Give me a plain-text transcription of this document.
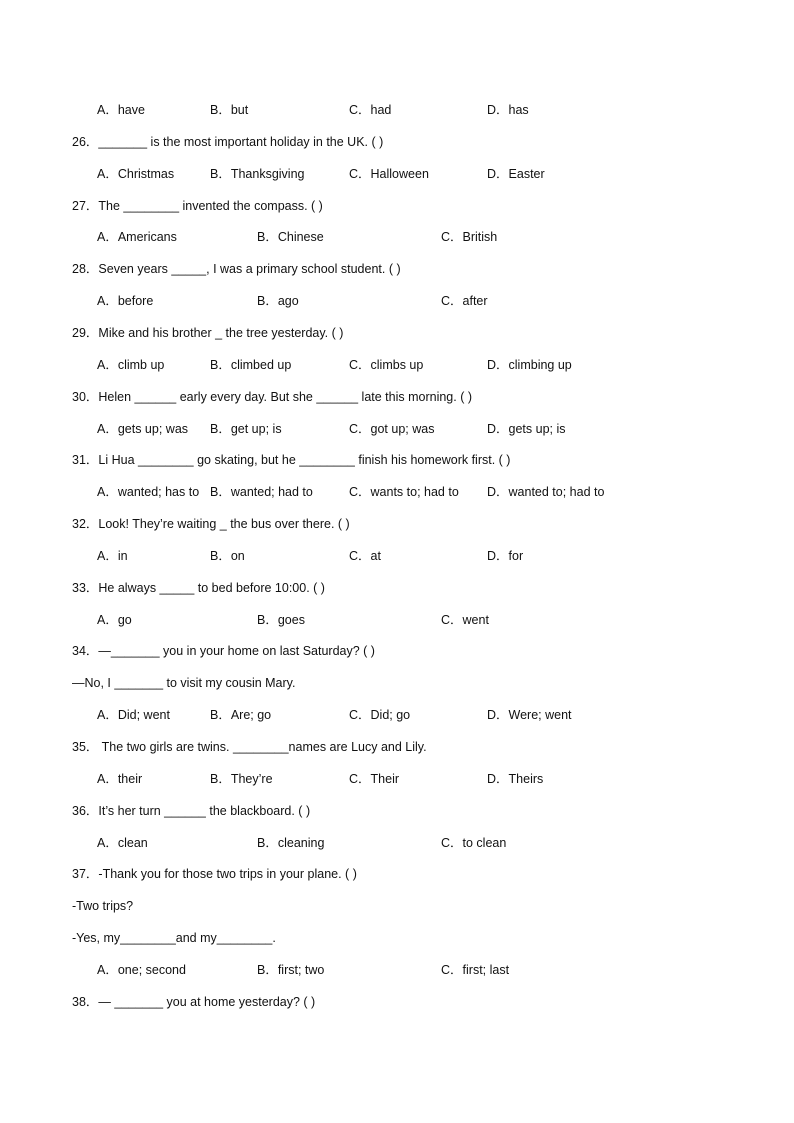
A．have	B．but	C．had	D．has
26．_______ is the most important holiday in the UK. ( )
A．Christmas	B．Thanksgiving	C．Halloween	D．Easter
27．The ________ invented the compass. ( )
A．Americans	B．Chinese	C．British
28．Seven years _____, I was a primary school student. ( )
A．before	B．ago	C．after
29．Mike and his brother _ the tree yesterday. ( )
A．climb up	B．climbed up	C．climbs up	D．climbing up
30．Helen ______ early every day. But she ______ late this morning. ( )
A．gets up; was B．get up; is	C．got up; was	D．gets up; is
31．Li Hua ________ go skating, but he ________ finish his homework first. ( )
A．wanted; has to B．wanted; had to	C．wants to; had to D．wanted to; had to
32．Look! They’re waiting _ the bus over there. ( )
A．in	B．on	C．at	D．for
33．He always _____ to bed before 10:00. ( )
A．go	B．goes	C．went
34．—_______ you in your home on last Saturday? ( )
—No, I _______ to visit my cousin Mary.
A．Did; went	B．Are; go	C．Did; go	D．Were; went
35． The two girls are twins. ________names are Lucy and Lily.
A．their	B．They’re	C．Their	D．Theirs
36．It’s her turn ______ the blackboard. ( )
A．clean	B．cleaning	C．to clean
37．-Thank you for those two trips in your plane. ( )
-Two trips?
-Yes, my________and my________.
A．one; second	B．first; two	C．first; last
38．— _______ you at home yesterday? ( )
